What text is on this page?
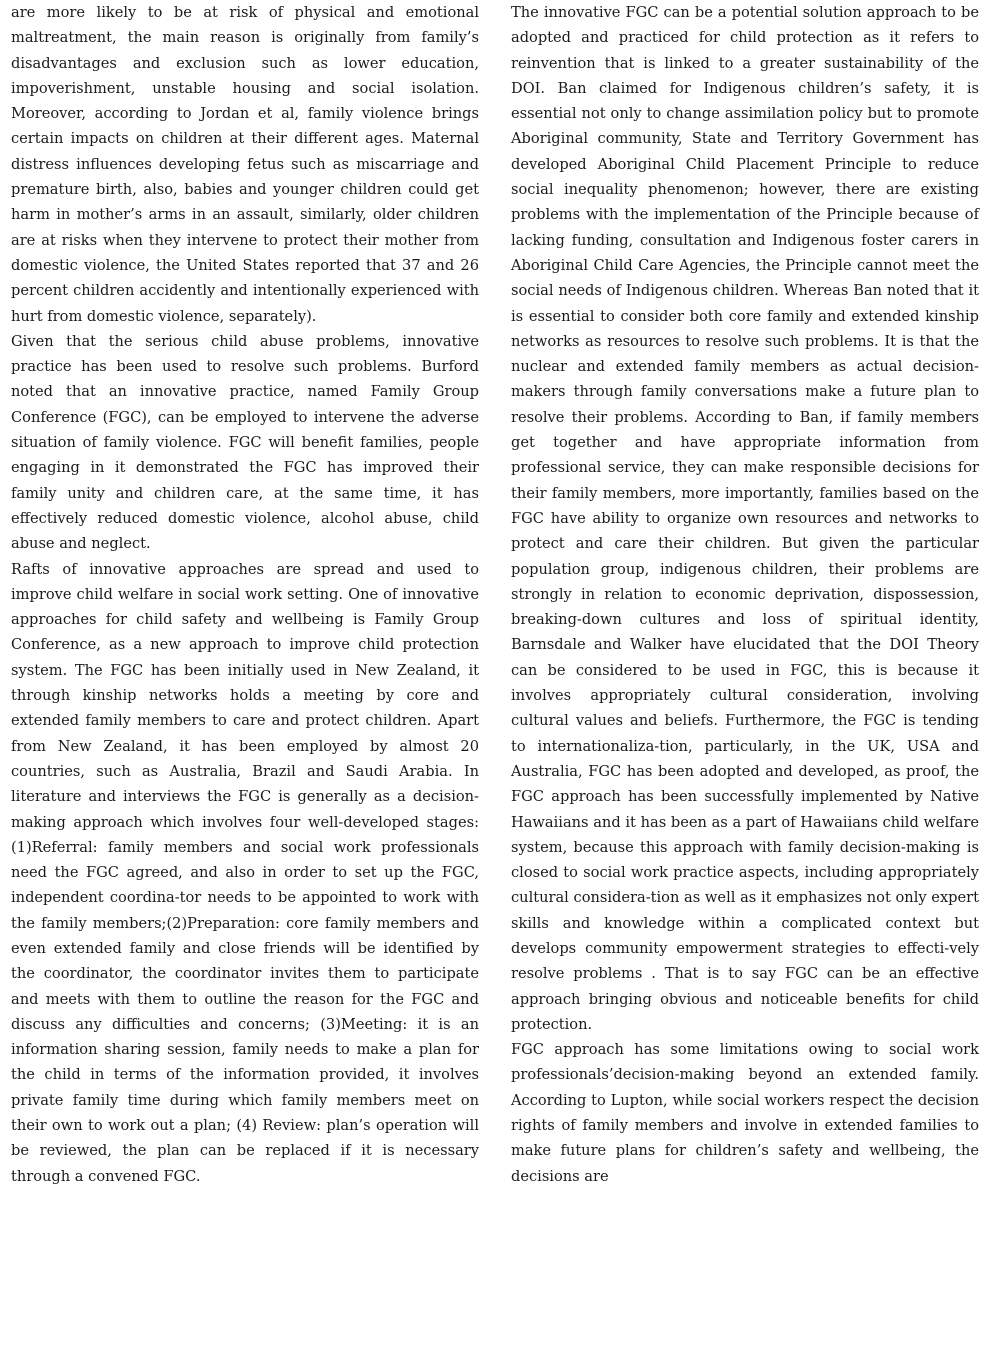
are more likely to be at risk of physical and emotional maltreatment, the main reason is originally from family’s disadvantages and exclusion such as lower education, impoverishment, unstable housing and social isolation. Moreover, according to Jordan et al, family violence brings certain impacts on children at their different ages. Maternal distress influences developing fetus such as miscarriage and premature birth, also, babies and younger children could get harm in mother’s arms in an assault, similarly, older children are at risks when they intervene to protect their mother from domestic violence, the United States reported that 37 and 26 percent children accidently and intentionally experienced with hurt from domestic violence, separately).

Given that the serious child abuse problems, innovative practice has been used to resolve such problems. Burford noted that an innovative practice, named Family Group Conference (FGC), can be employed to intervene the adverse situation of family violence. FGC will benefit families, people engaging in it demonstrated the FGC has improved their family unity and children care, at the same time, it has effectively reduced domestic violence, alcohol abuse, child abuse and neglect.

Rafts of innovative approaches are spread and used to improve child welfare in social work setting. One of innovative approaches for child safety and wellbeing is Family Group Conference, as a new approach to improve child protection system. The FGC has been initially used in New Zealand, it through kinship networks holds a meeting by core and extended family members to care and protect children. Apart from New Zealand, it has been employed by almost 20 countries, such as Australia, Brazil and Saudi Arabia. In literature and interviews the FGC is generally as a decision-making approach which involves four well-developed stages:(1)Referral: family members and social work professionals need the FGC agreed, and also in order to set up the FGC, independent coordina-tor needs to be appointed to work with the family members;(2)Preparation: core family members and even extended family and close friends will be identified by the coordinator, the coordinator invites them to participate and meets with them to outline the reason for the FGC and discuss any difficulties and concerns; (3)Meeting: it is an information sharing session, family needs to make a plan for the child in terms of the information provided, it involves private family time during which family members meet on their own to work out a plan; (4) Review: plan’s operation will be reviewed, the plan can be replaced if it is necessary through a convened FGC.

The innovative FGC can be a potential solution approach to be adopted and practiced for child protection as it refers to reinvention that is linked to a greater sustainability of the DOI. Ban claimed for Indigenous children’s safety, it is essential not only to change assimilation policy but to promote Aboriginal community, State and Territory Government has developed Aboriginal Child Placement Principle to reduce social inequality phenomenon; however, there are existing problems with the implementation of the Principle because of lacking funding, consultation and Indigenous foster carers in Aboriginal Child Care Agencies, the Principle cannot meet the social needs of Indigenous children. Whereas Ban noted that it is essential to consider both core family and extended kinship networks as resources to resolve such problems. It is that the nuclear and extended family members as actual decision-makers through family conversations make a future plan to resolve their problems. According to Ban, if family members get together and have appropriate information from professional service, they can make responsible decisions for their family members, more importantly, families based on the FGC have ability to organize own resources and networks to protect and care their children. But given the particular population group, indigenous children, their problems are strongly in relation to economic deprivation, dispossession, breaking-down cultures and loss of spiritual identity, Barnsdale and Walker have elucidated that the DOI Theory can be considered to be used in FGC, this is because it involves appropriately cultural consideration, involving cultural values and beliefs. Furthermore, the FGC is tending to internationaliza-tion, particularly, in the UK, USA and Australia, FGC has been adopted and developed, as proof, the FGC approach has been successfully implemented by Native Hawaiians and it has been as a part of Hawaiians child welfare system, because this approach with family decision-making is closed to social work practice aspects, including appropriately cultural considera-tion as well as it emphasizes not only expert skills and knowledge within a complicated context but develops community empowerment strategies to effecti-vely resolve problems . That is to say FGC can be an effective approach bringing obvious and noticeable benefits for child protection.

FGC approach has some limitations owing to social work professionals’decision-making beyond an extended family. According to Lupton, while social workers respect the decision rights of family members and involve in extended families to make future plans for children’s safety and wellbeing, the decisions are
